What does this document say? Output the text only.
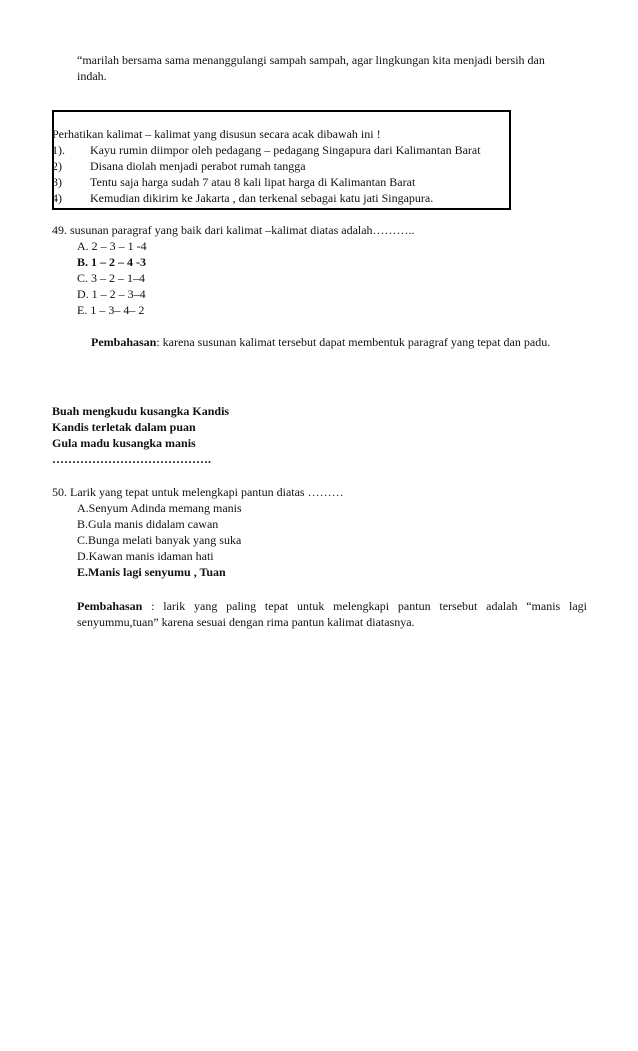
“marilah bersama sama menanggulangi sampah sampah, agar lingkungan kita menjadi bersih dan
indah.
Perhatikan kalimat – kalimat yang disusun secara acak dibawah ini !
1). Kayu rumin diimpor oleh pedagang – pedagang Singapura dari Kalimantan Barat
2) Disana diolah menjadi perabot rumah tangga
3) Tentu saja harga sudah 7 atau 8 kali lipat harga di Kalimantan Barat
4) Kemudian dikirim ke Jakarta , dan terkenal sebagai katu jati Singapura.
49. susunan paragraf yang baik dari kalimat –kalimat diatas adalah………..
A. 2 – 3 – 1 -4
B. 1 – 2 – 4 -3
C. 3 – 2 – 1–4
D. 1 – 2 – 3–4
E. 1 – 3– 4– 2
Pembahasan: karena susunan kalimat tersebut dapat membentuk paragraf yang tepat dan padu.
Buah mengkudu kusangka Kandis
Kandis terletak dalam puan
Gula madu kusangka manis
………………………………….
50. Larik yang tepat untuk melengkapi pantun diatas ………
A.Senyum Adinda memang manis
B.Gula manis didalam cawan
C.Bunga melati banyak yang suka
D.Kawan manis idaman hati
E.Manis lagi senyumu , Tuan
Pembahasan : larik yang paling tepat untuk melengkapi pantun tersebut adalah “manis lagi
senyummu,tuan” karena sesuai dengan rima pantun kalimat diatasnya.
